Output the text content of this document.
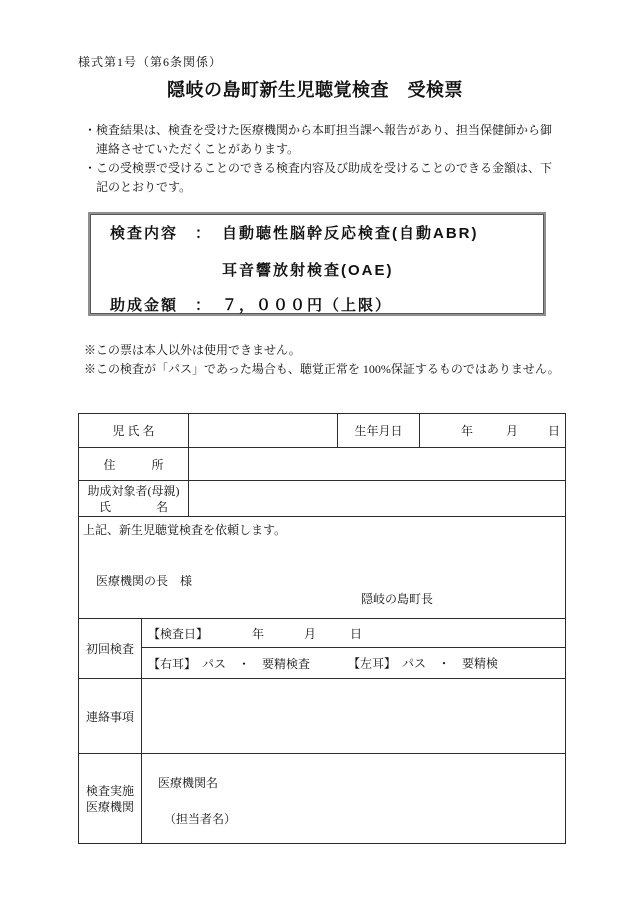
様式第1号（第6条関係）
隠岐の島町新生児聴覚検査　受検票
・検査結果は、検査を受けた医療機関から本町担当課へ報告があり、担当保健師から御連絡させていただくことがあります。
・この受検票で受けることのできる検査内容及び助成を受けることのできる金額は、下記のとおりです。
検査内容	： 自動聴性脳幹反応検査(自動ABR)
耳音響放射検査(OAE)
助成金額	： ７，０００円（上限）
※この票は本人以外は使用できません。
※この検査が「パス」であった場合も、聴覚正常を 100%保証するものではありません。
児 氏 名			生年月日	年 月 日
住　　　所				

助成対象者(母親)
氏 名				

上記、新生児聴覚検査を依頼します。
医療機関の長　様
隠岐の島町長				

初回検査	【検査日】 年 月 日			
	【右耳】　パス　・　要精検査 【左耳】　パス　・　要精検			

連絡事項				

検査実施
医療機関

医療機関名
（担当者名）
